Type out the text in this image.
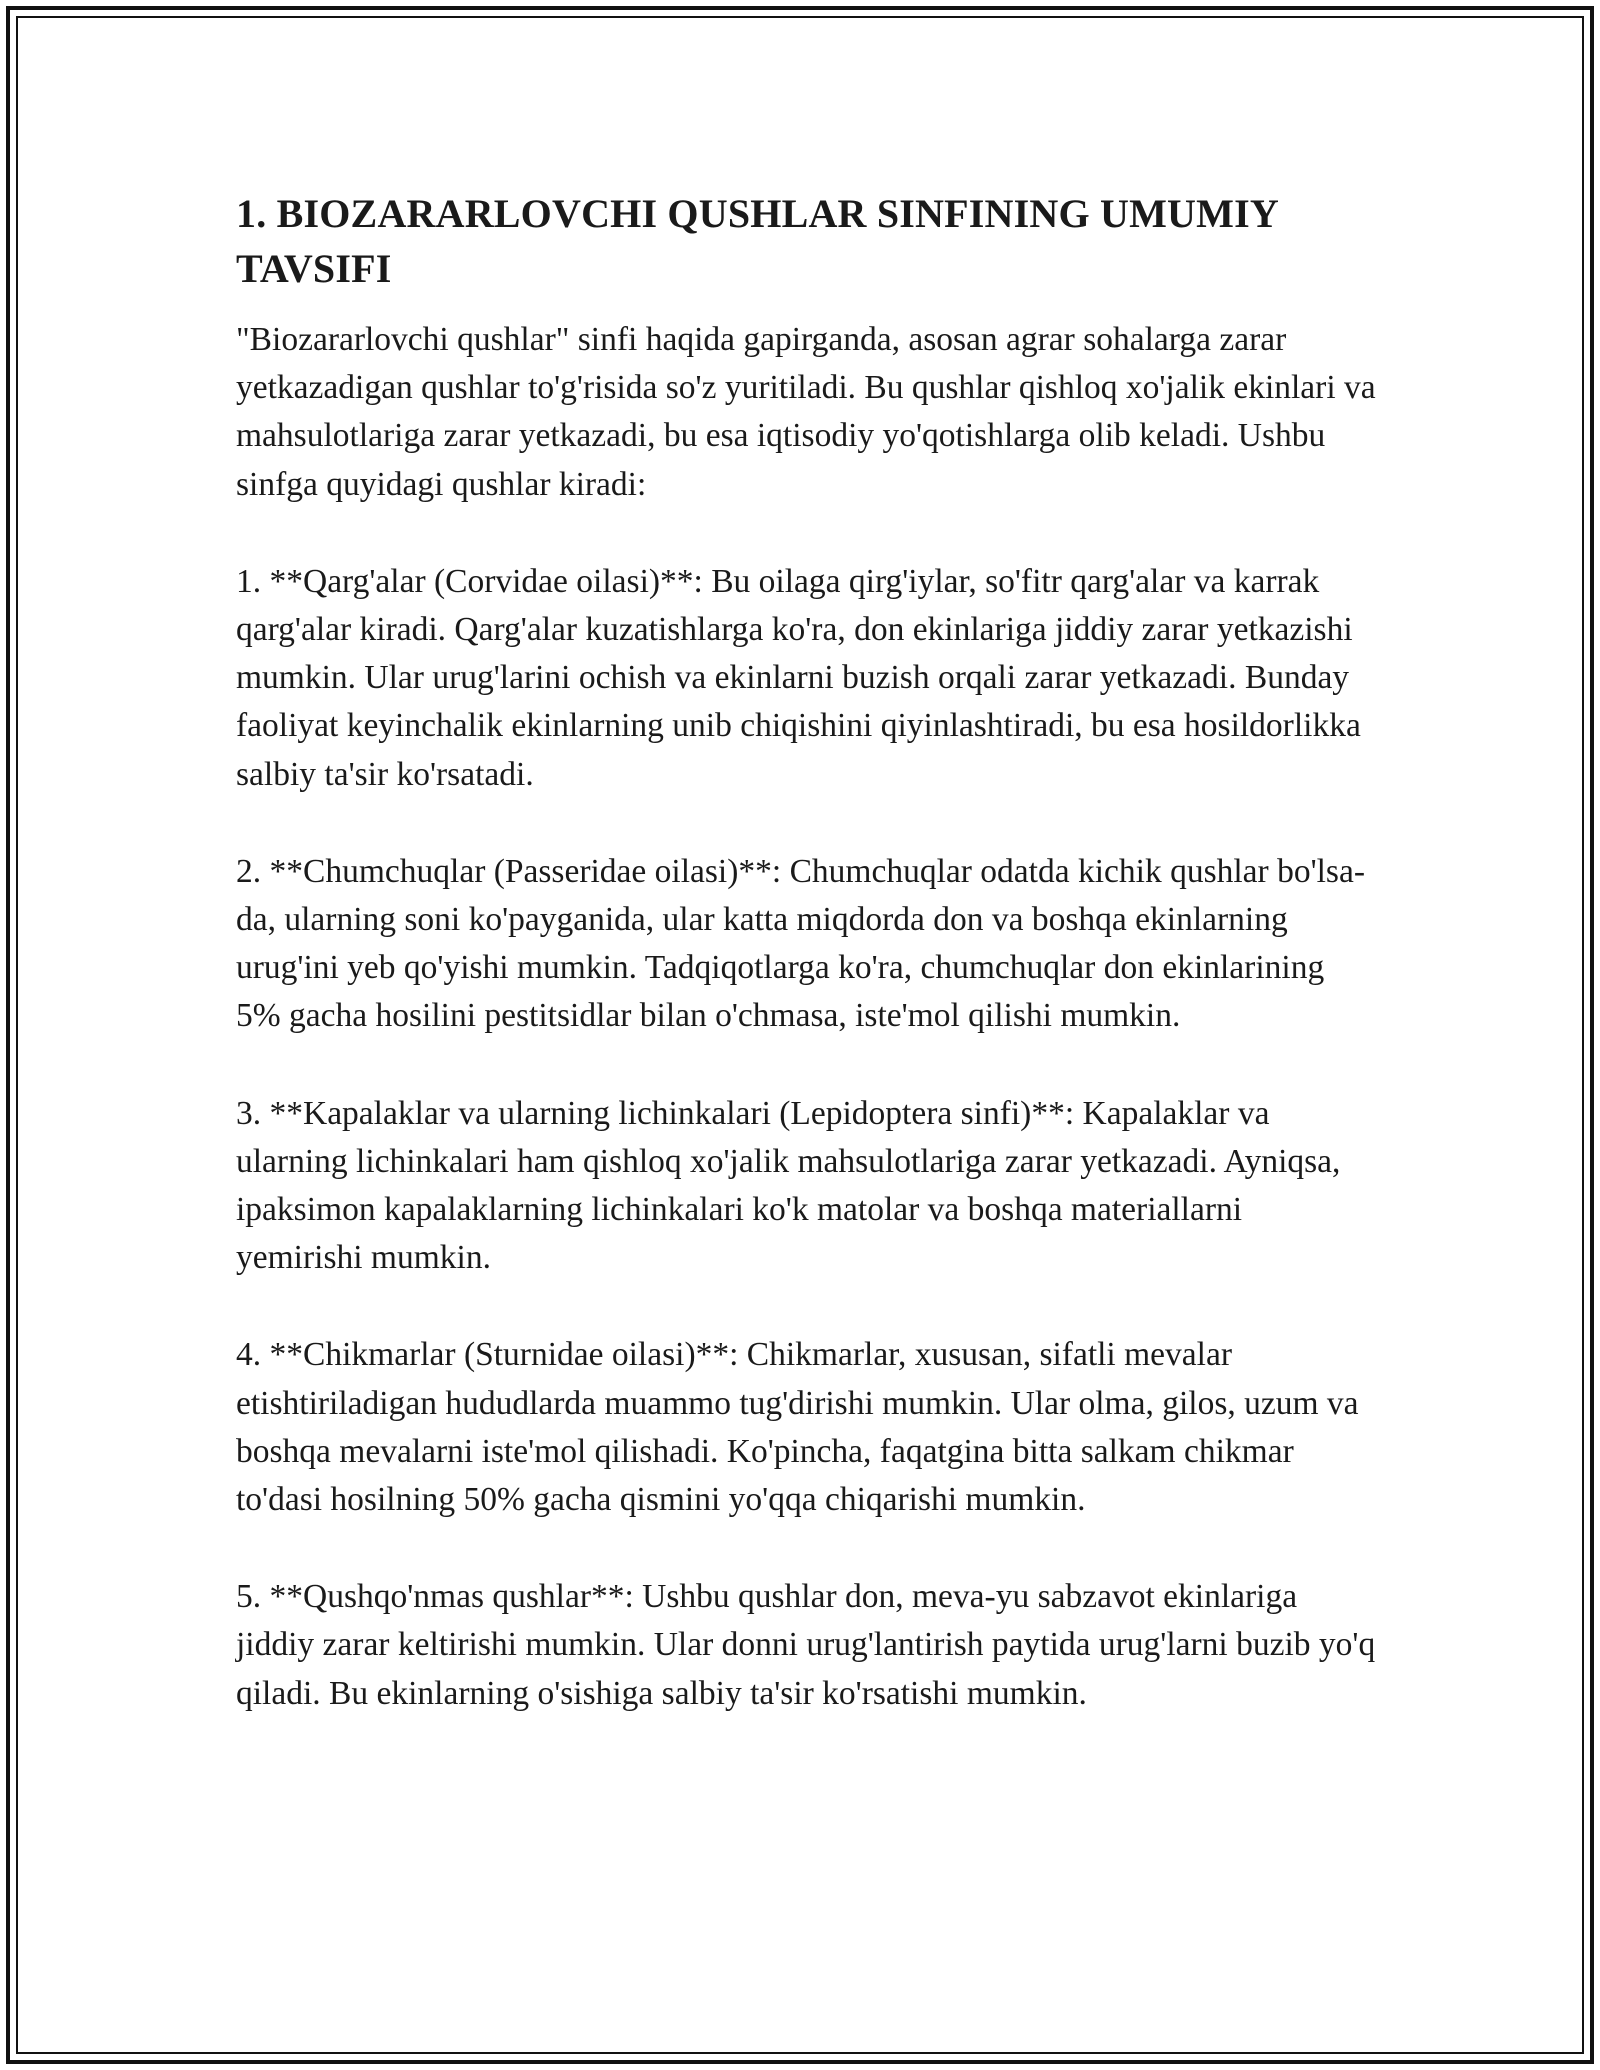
1. BIOZARARLOVCHI QUSHLAR SINFINING UMUMIY TAVSIFI

"Biozararlovchi qushlar" sinfi haqida gapirganda, asosan agrar sohalarga zarar yetkazadigan qushlar to'g'risida so'z yuritiladi. Bu qushlar qishloq xo'jalik ekinlari va mahsulotlariga zarar yetkazadi, bu esa iqtisodiy yo'qotishlarga olib keladi. Ushbu sinfga quyidagi qushlar kiradi:

1. **Qarg'alar (Corvidae oilasi)**: Bu oilaga qirg'iylar, so'fitr qarg'alar va karrak qarg'alar kiradi. Qarg'alar kuzatishlarga ko'ra, don ekinlariga jiddiy zarar yetkazishi mumkin. Ular urug'larini ochish va ekinlarni buzish orqali zarar yetkazadi. Bunday faoliyat keyinchalik ekinlarning unib chiqishini qiyinlashtiradi, bu esa hosildorlikka salbiy ta'sir ko'rsatadi.

2. **Chumchuqlar (Passeridae oilasi)**: Chumchuqlar odatda kichik qushlar bo'lsa-da, ularning soni ko'payganida, ular katta miqdorda don va boshqa ekinlarning urug'ini yeb qo'yishi mumkin. Tadqiqotlarga ko'ra, chumchuqlar don ekinlarining 5% gacha hosilini pestitsidlar bilan o'chmasa, iste'mol qilishi mumkin.

3. **Kapalaklar va ularning lichinkalari (Lepidoptera sinfi)**: Kapalaklar va ularning lichinkalari ham qishloq xo'jalik mahsulotlariga zarar yetkazadi. Ayniqsa, ipaksimon kapalaklarning lichinkalari ko'k matolar va boshqa materiallarni yemirishi mumkin.

4. **Chikmarlar (Sturnidae oilasi)**: Chikmarlar, xususan, sifatli mevalar etishtiriladigan hududlarda muammo tug'dirishi mumkin. Ular olma, gilos, uzum va boshqa mevalarni iste'mol qilishadi. Ko'pincha, faqatgina bitta salkam chikmar to'dasi hosilning 50% gacha qismini yo'qqa chiqarishi mumkin.

5. **Qushqo'nmas qushlar**: Ushbu qushlar don, meva-yu sabzavot ekinlariga jiddiy zarar keltirishi mumkin. Ular donni urug'lantirish paytida urug'larni buzib yo'q qiladi. Bu ekinlarning o'sishiga salbiy ta'sir ko'rsatishi mumkin.
